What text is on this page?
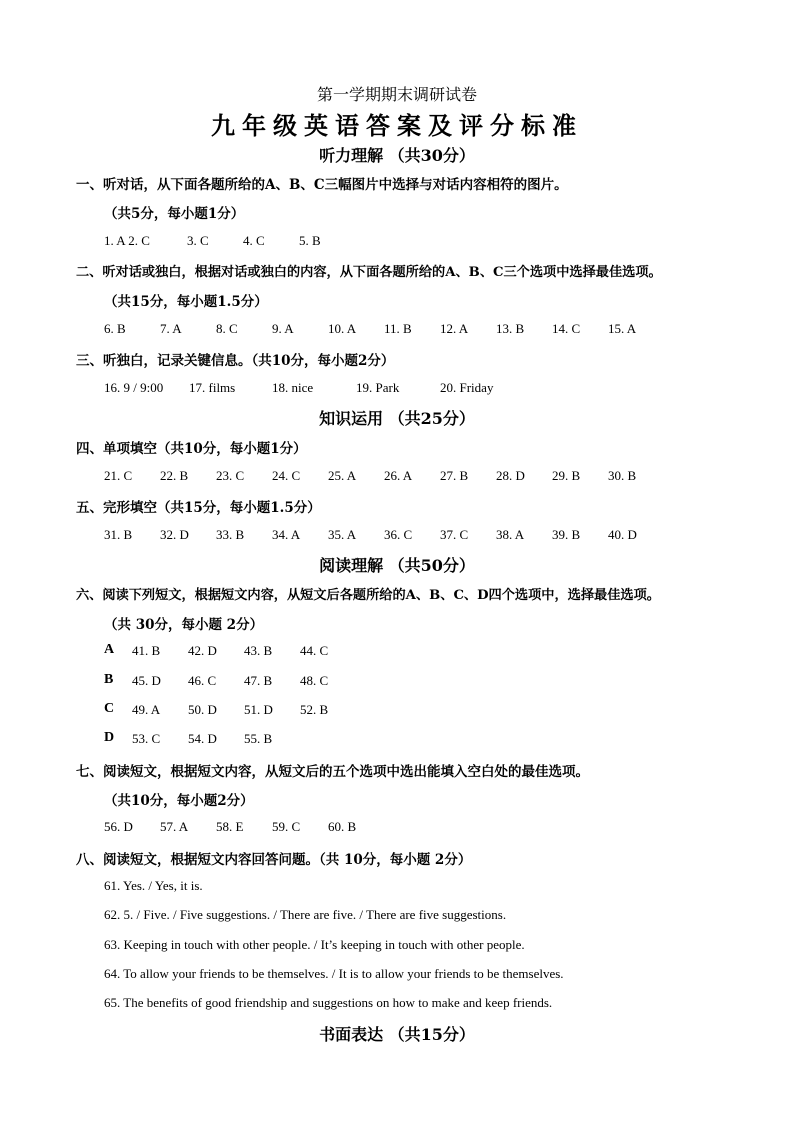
第一学期期末调研试卷
九年级英语答案及评分标准
听力理解 （共30分）
一、听对话，从下面各题所给的A、B、C三幅图片中选择与对话内容相符的图片。
（共5分，每小题1分）
1. A 2. C	3. C	4. C	5. B
二、听对话或独白，根据对话或独白的内容，从下面各题所给的A、B、C三个选项中选择最佳选项。
（共15分，每小题1.5分）
6. B	7. A	8. C	9. A	10. A 11. B 12. A 13. B 14. C 15. A
三、听独白，记录关键信息。（共10分，每小题2分）
16. 9 / 9:00 17. films	18. nice	19. Park	20. Friday
知识运用 （共25分）
四、单项填空（共10分，每小题1分）
21. C 22. B 23. C 24. C 25. A 26. A 27. B 28. D 29. B 30. B
五、完形填空（共15分，每小题1.5分）
31. B 32. D 33. B 34. A 35. A 36. C 37. C 38. A 39. B 40. D
阅读理解 （共50分）
六、阅读下列短文，根据短文内容，从短文后各题所给的A、B、C、D四个选项中，选择最佳选项。
（共 30分，每小题 2分）
A 41. B 42. D 43. B 44. C
B 45. D 46. C 47. B 48. C
C 49. A 50. D 51. D 52. B
D 53. C 54. D 55. B
七、阅读短文，根据短文内容，从短文后的五个选项中选出能填入空白处的最佳选项。
（共10分，每小题2分）
56. D 57. A 58. E 59. C 60. B
八、阅读短文，根据短文内容回答问题。（共 10分，每小题 2分）
61. Yes. / Yes, it is.
62. 5. / Five. / Five suggestions. / There are five. / There are five suggestions.
63. Keeping in touch with other people. / It’s keeping in touch with other people.
64. To allow your friends to be themselves. / It is to allow your friends to be themselves.
65. The benefits of good friendship and suggestions on how to make and keep friends.
书面表达 （共15分）
